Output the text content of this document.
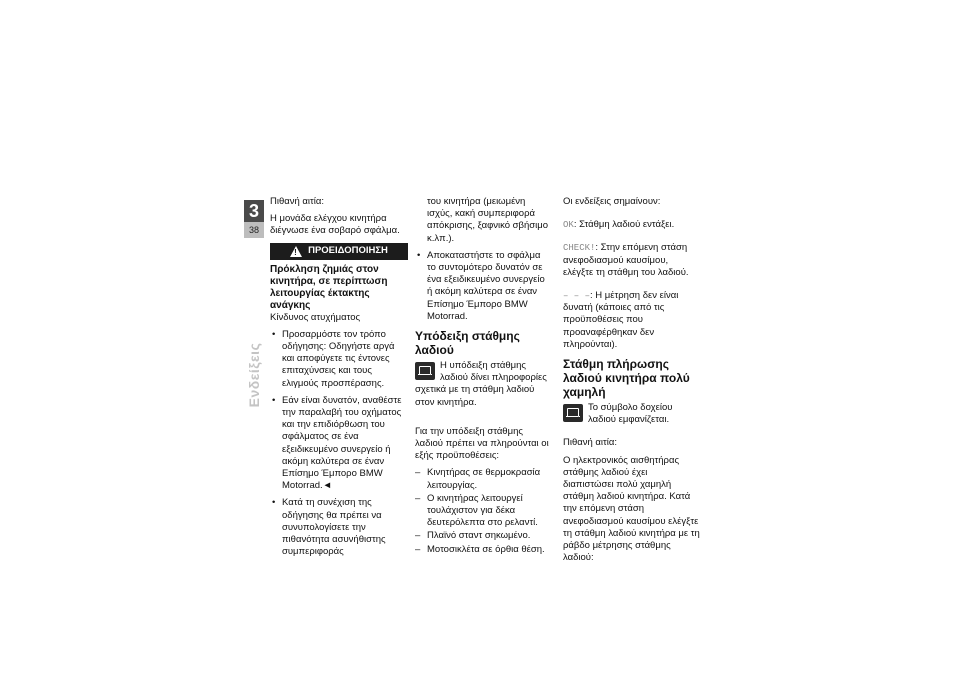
3
38
Ενδείξεις

Πιθανή αιτία:

Η μονάδα ελέγχου κινητήρα διέγνωσε ένα σοβαρό σφάλμα.

!
ΠΡΟΕΙΔΟΠΟΙΗΣΗ
Πρόκληση ζημιάς στον κινητήρα, σε περίπτωση λειτουργίας έκτακτης ανάγκης

Κίνδυνος ατυχήματος

• Προσαρμόστε τον τρόπο οδήγησης: Οδηγήστε αργά και αποφύγετε τις έντονες επιταχύνσεις και τους ελιγμούς προσπέρασης.
• Εάν είναι δυνατόν, αναθέστε την παραλαβή του οχήματος και την επιδιόρθωση του σφάλματος σε ένα εξειδικευμένο συνεργείο ή ακόμη καλύτερα σε έναν Επίσημο Έμπορο BMW Motorrad.◄
• Κατά τη συνέχιση της οδήγησης θα πρέπει να συνυπολογίσετε την πιθανότητα ασυνήθιστης συμπεριφοράς

του κινητήρα (μειωμένη ισχύς, κακή συμπεριφορά απόκρισης, ξαφνικό σβήσιμο κ.λπ.).

• Αποκαταστήστε το σφάλμα το συντομότερο δυνατόν σε ένα εξειδικευμένο συνεργείο ή ακόμη καλύτερα σε έναν Επίσημο Έμπορο BMW Motorrad.
Υπόδειξη στάθμης λαδιού
Η υπόδειξη στάθμης λαδιού δίνει πληροφορίες σχετικά με τη στάθμη λαδιού στον κινητήρα.

Για την υπόδειξη στάθμης λαδιού πρέπει να πληρούνται οι εξής προϋποθέσεις:

– Κινητήρας σε θερμοκρασία λειτουργίας.
– Ο κινητήρας λειτουργεί τουλάχιστον για δέκα δευτερόλεπτα στο ρελαντί.
– Πλαϊνό σταντ σηκωμένο.
– Μοτοσικλέτα σε όρθια θέση.

Οι ενδείξεις σημαίνουν:

OK: Στάθμη λαδιού εντάξει.

CHECK!: Στην επόμενη στάση ανεφοδιασμού καυσίμου, ελέγξτε τη στάθμη του λαδιού.

– – –: Η μέτρηση δεν είναι δυνατή (κάποιες από τις προϋποθέσεις που προαναφέρθηκαν δεν πληρούνται).

Στάθμη πλήρωσης λαδιού κινητήρα πολύ χαμηλή
Το σύμβολο δοχείου λαδιού εμφανίζεται.

Πιθανή αιτία:

Ο ηλεκτρονικός αισθητήρας στάθμης λαδιού έχει διαπιστώσει πολύ χαμηλή στάθμη λαδιού κινητήρα. Κατά την επόμενη στάση ανεφοδιασμού καυσίμου ελέγξτε τη στάθμη λαδιού κινητήρα με τη ράβδο μέτρησης στάθμης λαδιού:
